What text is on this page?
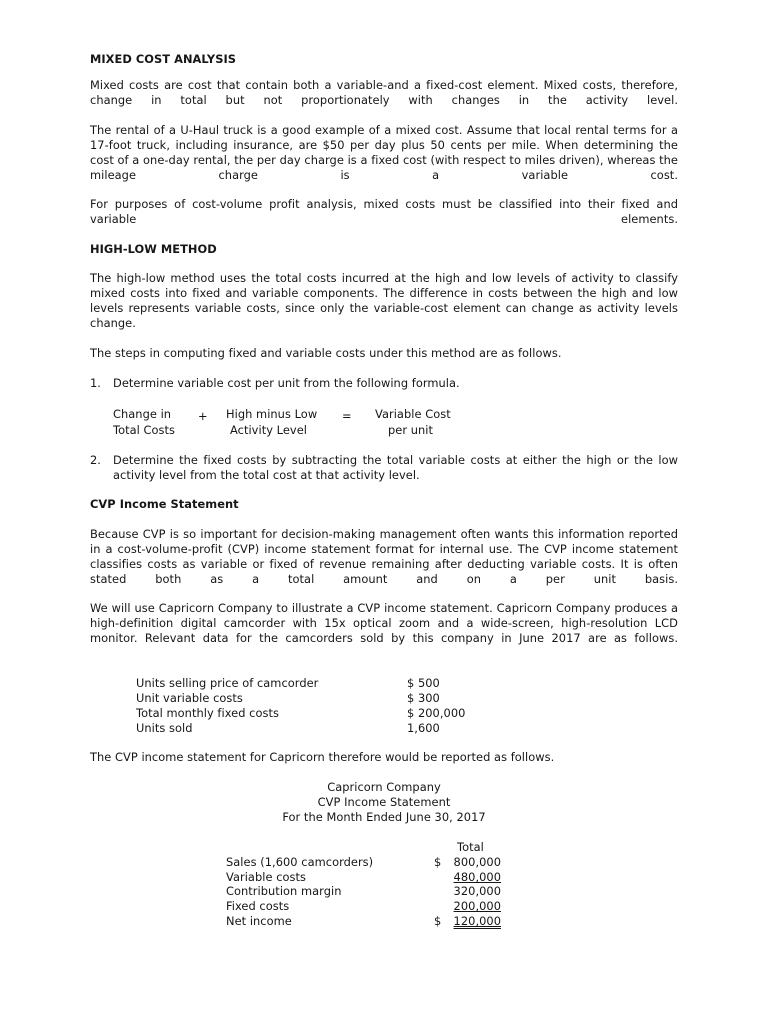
MIXED COST ANALYSIS

Mixed costs are cost that contain both a variable-and a fixed-cost element. Mixed costs, therefore, change in total but not proportionately with changes in the activity level.

The rental of a U-Haul truck is a good example of a mixed cost. Assume that local rental terms for a 17-foot truck, including insurance, are $50 per day plus 50 cents per mile. When determining the cost of a one-day rental, the per day charge is a fixed cost (with respect to miles driven), whereas the mileage charge is a variable cost.

For purposes of cost-volume profit analysis, mixed costs must be classified into their fixed and variable elements.

HIGH-LOW METHOD

The high-low method uses the total costs incurred at the high and low levels of activity to classify mixed costs into fixed and variable components. The difference in costs between the high and low levels represents variable costs, since only the variable-cost element can change as activity levels change.

The steps in computing fixed and variable costs under this method are as follows.
1. Determine variable cost per unit from the following formula.
Change in
Total Costs
+ High minus Low
Activity Level
= Variable Cost
per unit
2. Determine the fixed costs by subtracting the total variable costs at either the high or the low activity level from the total cost at that activity level.
CVP Income Statement

Because CVP is so important for decision-making management often wants this information reported in a cost-volume-profit (CVP) income statement format for internal use. The CVP income statement classifies costs as variable or fixed of revenue remaining after deducting variable costs. It is often stated both as a total amount and on a per unit basis.

We will use Capricorn Company to illustrate a CVP income statement. Capricorn Company produces a high-definition digital camcorder with 15x optical zoom and a wide-screen, high-resolution LCD monitor. Relevant data for the camcorders sold by this company in June 2017 are as follows.

Units selling price of camcorder	$ 500
Unit variable costs	$ 300
Total monthly fixed costs	$ 200,000
Units sold	1,600
The CVP income statement for Capricorn therefore would be reported as follows.
Capricorn Company
CVP Income Statement
For the Month Ended June 30, 2017
Total
Sales (1,600 camcorders)	$ 800,000
Variable costs	480,000
Contribution margin	320,000
Fixed costs	200,000
Net income	$ 120,000
